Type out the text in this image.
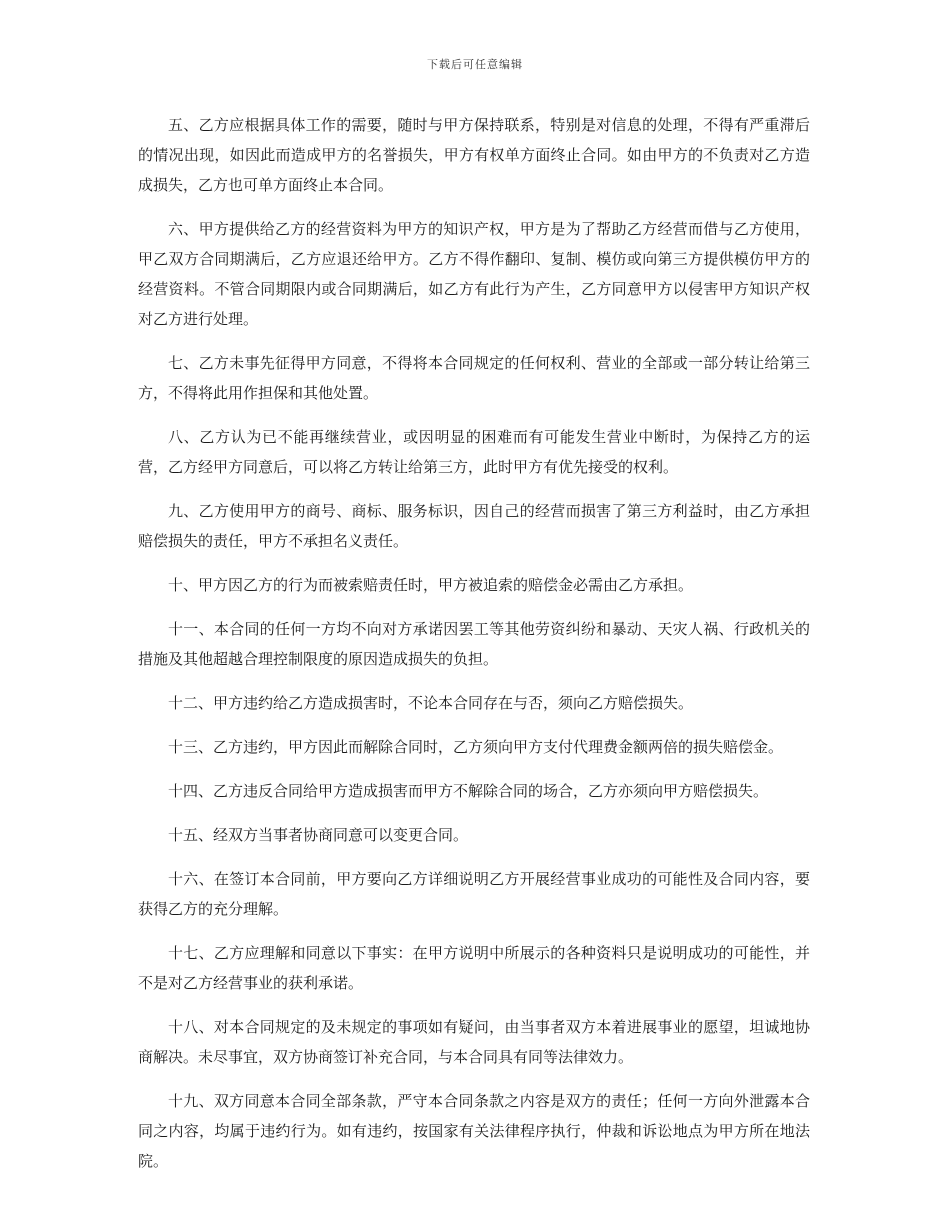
下载后可任意编辑

五、乙方应根据具体工作的需要，随时与甲方保持联系，特别是对信息的处理，不得有严重滞后的情况出现，如因此而造成甲方的名誉损失，甲方有权单方面终止合同。如由甲方的不负责对乙方造成损失，乙方也可单方面终止本合同。

六、甲方提供给乙方的经营资料为甲方的知识产权，甲方是为了帮助乙方经营而借与乙方使用，甲乙双方合同期满后，乙方应退还给甲方。乙方不得作翻印、复制、模仿或向第三方提供模仿甲方的经营资料。不管合同期限内或合同期满后，如乙方有此行为产生，乙方同意甲方以侵害甲方知识产权对乙方进行处理。

七、乙方未事先征得甲方同意，不得将本合同规定的任何权利、营业的全部或一部分转让给第三方，不得将此用作担保和其他处置。

八、乙方认为已不能再继续营业，或因明显的困难而有可能发生营业中断时，为保持乙方的运营，乙方经甲方同意后，可以将乙方转让给第三方，此时甲方有优先接受的权利。

九、乙方使用甲方的商号、商标、服务标识，因自己的经营而损害了第三方利益时，由乙方承担赔偿损失的责任，甲方不承担名义责任。

十、甲方因乙方的行为而被索赔责任时，甲方被追索的赔偿金必需由乙方承担。

十一、本合同的任何一方均不向对方承诺因罢工等其他劳资纠纷和暴动、天灾人祸、行政机关的措施及其他超越合理控制限度的原因造成损失的负担。

十二、甲方违约给乙方造成损害时，不论本合同存在与否，须向乙方赔偿损失。

十三、乙方违约，甲方因此而解除合同时，乙方须向甲方支付代理费金额两倍的损失赔偿金。

十四、乙方违反合同给甲方造成损害而甲方不解除合同的场合，乙方亦须向甲方赔偿损失。

十五、经双方当事者协商同意可以变更合同。

十六、在签订本合同前，甲方要向乙方详细说明乙方开展经营事业成功的可能性及合同内容，要获得乙方的充分理解。

十七、乙方应理解和同意以下事实：在甲方说明中所展示的各种资料只是说明成功的可能性，并不是对乙方经营事业的获利承诺。

十八、对本合同规定的及未规定的事项如有疑问，由当事者双方本着进展事业的愿望，坦诚地协商解决。未尽事宜，双方协商签订补充合同，与本合同具有同等法律效力。

十九、双方同意本合同全部条款，严守本合同条款之内容是双方的责任；任何一方向外泄露本合同之内容，均属于违约行为。如有违约，按国家有关法律程序执行，仲裁和诉讼地点为甲方所在地法院。
